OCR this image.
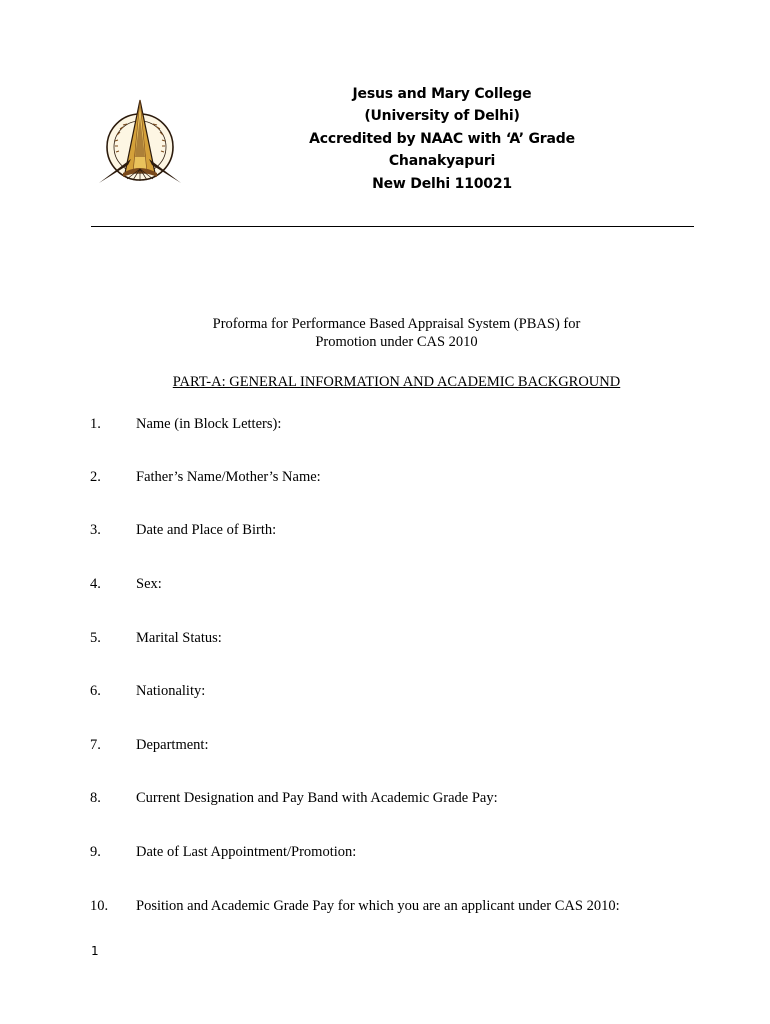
Jesus and Mary College
(University of Delhi)
Accredited by NAAC with ‘A’ Grade
Chanakyapuri
New Delhi 110021
Proforma for Performance Based Appraisal System (PBAS) for
Promotion under CAS 2010
PART-A: GENERAL INFORMATION AND ACADEMIC BACKGROUND
1. Name (in Block Letters):
2. Father’s Name/Mother’s Name:
3. Date and Place of Birth:
4. Sex:
5. Marital Status:
6. Nationality:
7. Department:
8. Current Designation and Pay Band with Academic Grade Pay:
9. Date of Last Appointment/Promotion:
10. Position and Academic Grade Pay for which you are an applicant under CAS 2010:
1
